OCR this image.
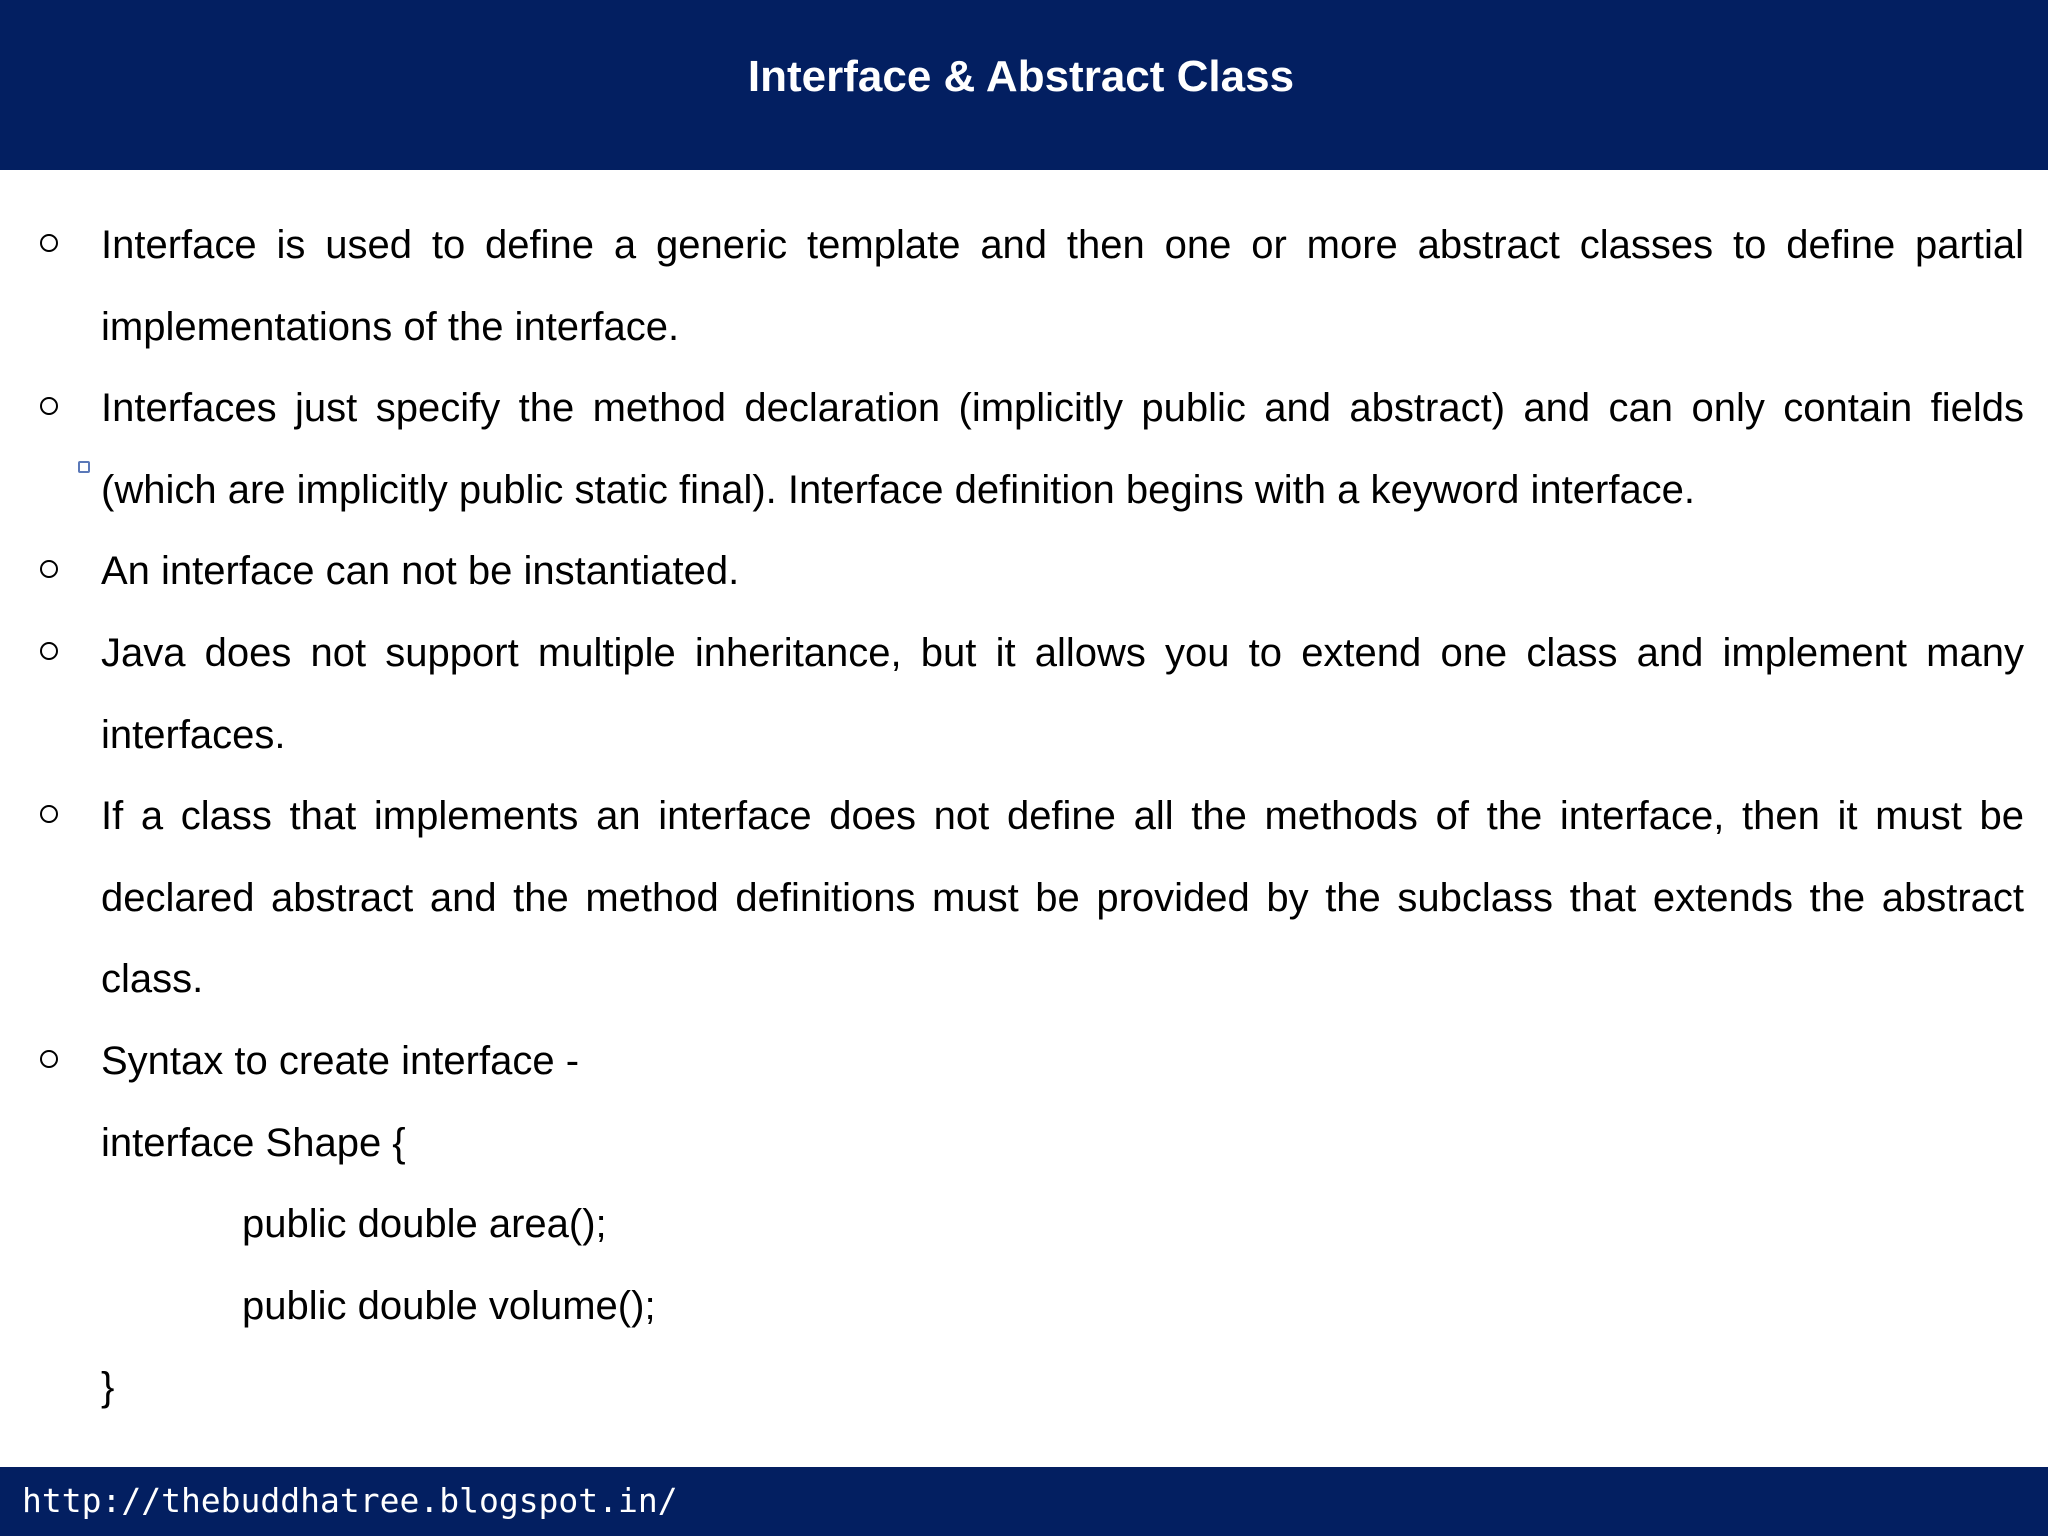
Interface & Abstract Class
Interface is used to define a generic template and then one or more abstract classes to define partial implementations of the interface.
Interfaces just specify the method declaration (implicitly public and abstract) and can only contain fields (which are implicitly public static final). Interface definition begins with a keyword interface.
An interface can not be instantiated.
Java does not support multiple inheritance, but it allows you to extend one class and implement many interfaces.
If a class that implements an interface does not define all the methods of the interface, then it must be declared abstract and the method definitions must be provided by the subclass that extends the abstract class.
Syntax to create interface -
interface Shape {
public double area();
public double volume();
}
http://thebuddhatree.blogspot.in/
